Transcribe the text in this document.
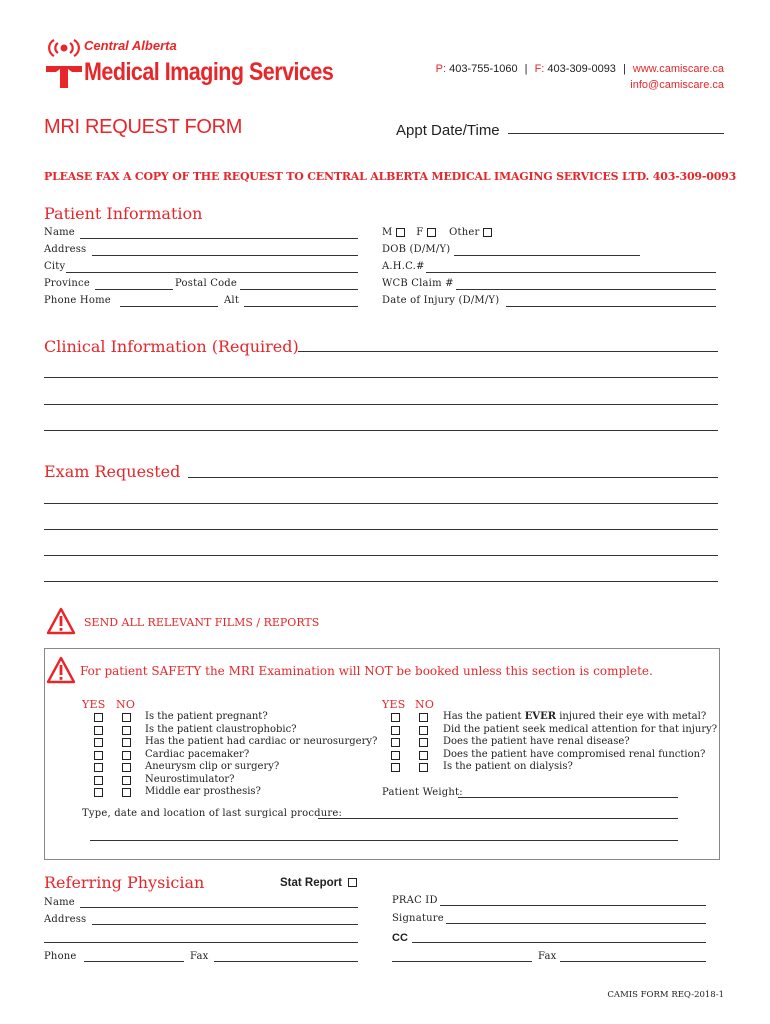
Central Alberta
Medical Imaging Services	P: 403-755-1060 | F: 403-309-0093 | www.camiscare.ca
info@camiscare.ca
MRI REQUEST FORM	Appt Date/Time
PLEASE FAX A COPY OF THE REQUEST TO CENTRAL ALBERTA MEDICAL IMAGING SERVICES LTD. 403-309-0093
Patient Information
Name
Address
City
Province	Postal Code
Phone Home	Alt
M F	Other
DOB (D/M/Y)
A.H.C.#
WCB Claim #
Date of Injury (D/M/Y)
Clinical Information (Required)
Exam Requested
SEND ALL RELEVANT FILMS / REPORTS
For patient SAFETY the MRI Examination will NOT be booked unless this section is complete.
YES NO	YES NO
Is the patient pregnant?
Is the patient claustrophobic?
Has the patient had cardiac or neurosurgery?
Cardiac pacemaker?
Aneurysm clip or surgery?
Neurostimulator?
Middle ear prosthesis?
Has the patient EVER injured their eye with metal?
Did the patient seek medical attention for that injury?
Does the patient have renal disease?
Does the patient have compromised renal function?
Is the patient on dialysis?
Patient Weight:
Type, date and location of last surgical procdure:
Referring Physician	Stat Report
Name
Address
Phone	Fax
PRAC ID
Signature
CC
Fax
CAMIS FORM REQ-2018-1
